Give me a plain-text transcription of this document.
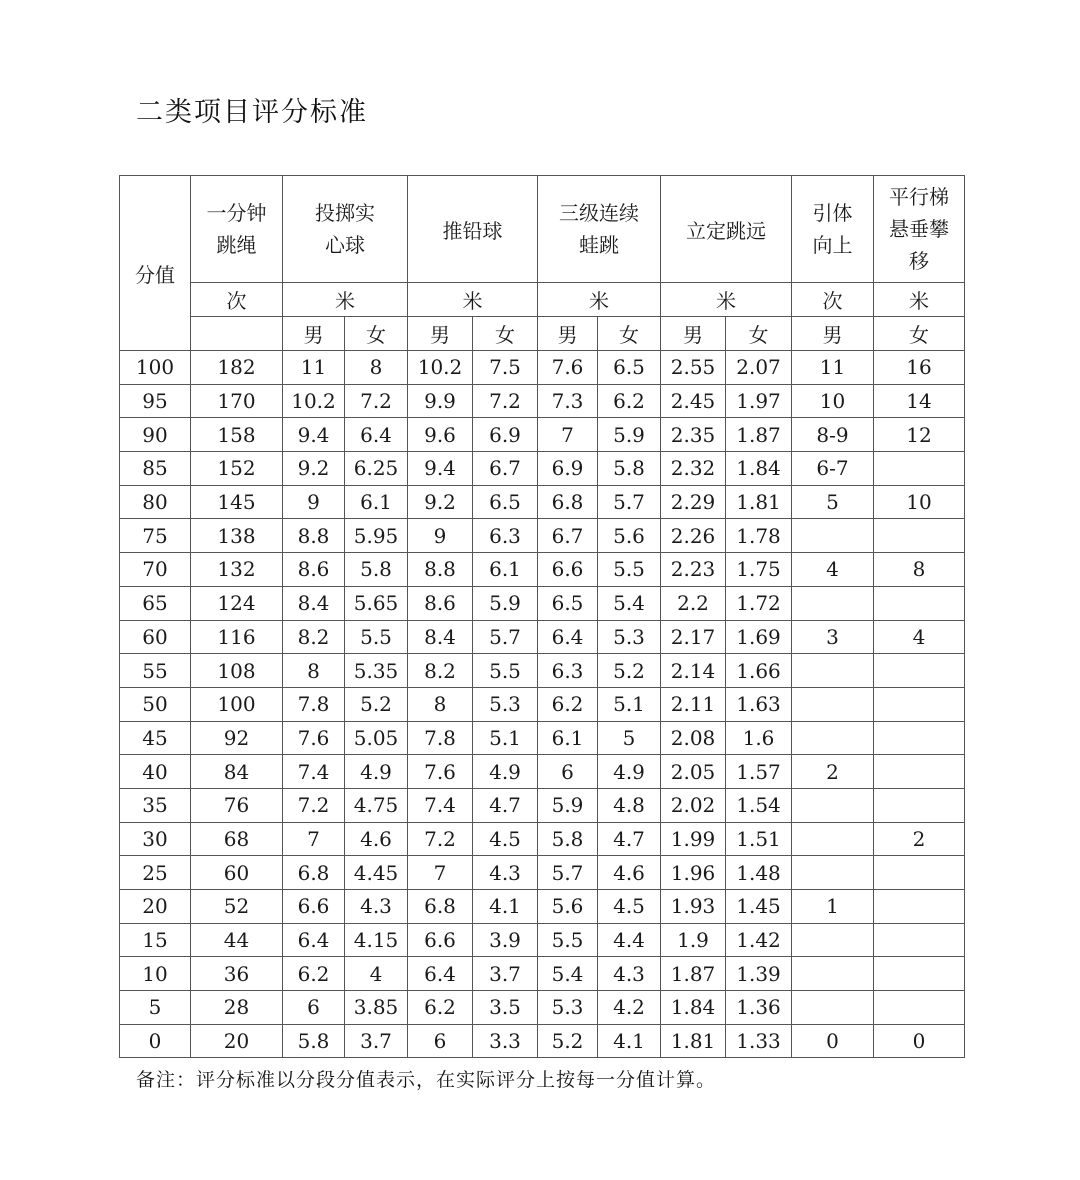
二类项目评分标准
分值	一分钟跳绳	投掷实心球		推铅球		三级连续蛙跳		立定跳远		引体向上	平行梯悬垂攀移
	次	米		米		米		米		次	米
		男	女	男	女	男	女	男	女	男	女
100	182	11	8	10.2	7.5	7.6	6.5	2.55	2.07	11	16
95	170	10.2	7.2	9.9	7.2	7.3	6.2	2.45	1.97	10	14
90	158	9.4	6.4	9.6	6.9	7	5.9	2.35	1.87	8-9	12
85	152	9.2	6.25	9.4	6.7	6.9	5.8	2.32	1.84	6-7	
80	145	9	6.1	9.2	6.5	6.8	5.7	2.29	1.81	5	10
75	138	8.8	5.95	9	6.3	6.7	5.6	2.26	1.78		
70	132	8.6	5.8	8.8	6.1	6.6	5.5	2.23	1.75	4	8
65	124	8.4	5.65	8.6	5.9	6.5	5.4	2.2	1.72		
60	116	8.2	5.5	8.4	5.7	6.4	5.3	2.17	1.69	3	4
55	108	8	5.35	8.2	5.5	6.3	5.2	2.14	1.66		
50	100	7.8	5.2	8	5.3	6.2	5.1	2.11	1.63		
45	92	7.6	5.05	7.8	5.1	6.1	5	2.08	1.6		
40	84	7.4	4.9	7.6	4.9	6	4.9	2.05	1.57	2	
35	76	7.2	4.75	7.4	4.7	5.9	4.8	2.02	1.54		
30	68	7	4.6	7.2	4.5	5.8	4.7	1.99	1.51		2
25	60	6.8	4.45	7	4.3	5.7	4.6	1.96	1.48		
20	52	6.6	4.3	6.8	4.1	5.6	4.5	1.93	1.45	1	
15	44	6.4	4.15	6.6	3.9	5.5	4.4	1.9	1.42		
10	36	6.2	4	6.4	3.7	5.4	4.3	1.87	1.39		
5	28	6	3.85	6.2	3.5	5.3	4.2	1.84	1.36		
0	20	5.8	3.7	6	3.3	5.2	4.1	1.81	1.33	0	0
备注：评分标准以分段分值表示，在实际评分上按每一分值计算。
